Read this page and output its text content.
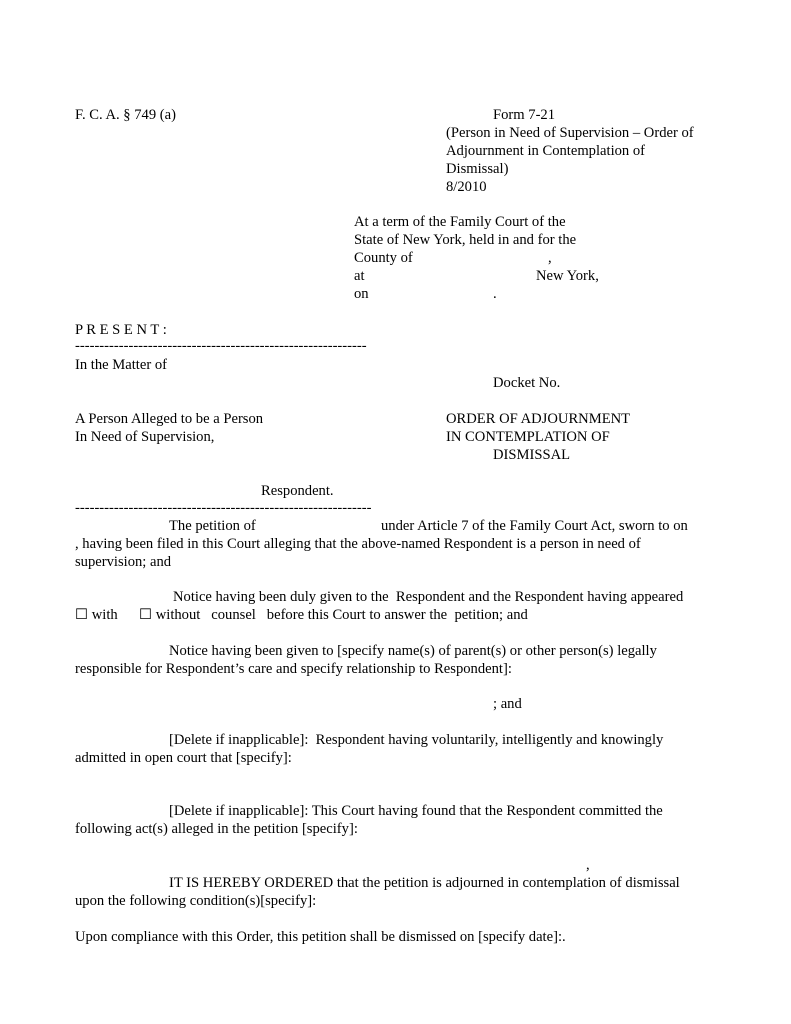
F. C. A. § 749 (a)	Form 7-21
(Person in Need of Supervision – Order of
Adjournment in Contemplation of
Dismissal)
8/2010
At a term of the Family Court of the
State of New York, held in and for the
County of	,
at	New York,
on	.
P R E S E N T :
------------------------------------------------------------
In the Matter of
Docket No.
A Person Alleged to be a Person
In Need of Supervision,
ORDER OF ADJOURNMENT
IN CONTEMPLATION OF
DISMISSAL
Respondent.
-------------------------------------------------------------
The petition of	under Article 7 of the Family Court Act, sworn to on
, having been filed in this Court alleging that the above-named Respondent is a person in need of
supervision; and
Notice having been duly given to the  Respondent and the Respondent having appeared
☐ with ☐ without   counsel   before this Court to answer the  petition; and
Notice having been given to [specify name(s) of parent(s) or other person(s) legally
responsible for Respondent’s care and specify relationship to Respondent]:
; and
[Delete if inapplicable]:  Respondent having voluntarily, intelligently and knowingly
admitted in open court that [specify]:
[Delete if inapplicable]: This Court having found that the Respondent committed the
following act(s) alleged in the petition [specify]:
,
IT IS HEREBY ORDERED that the petition is adjourned in contemplation of dismissal
upon the following condition(s)[specify]:
Upon compliance with this Order, this petition shall be dismissed on [specify date]:.
